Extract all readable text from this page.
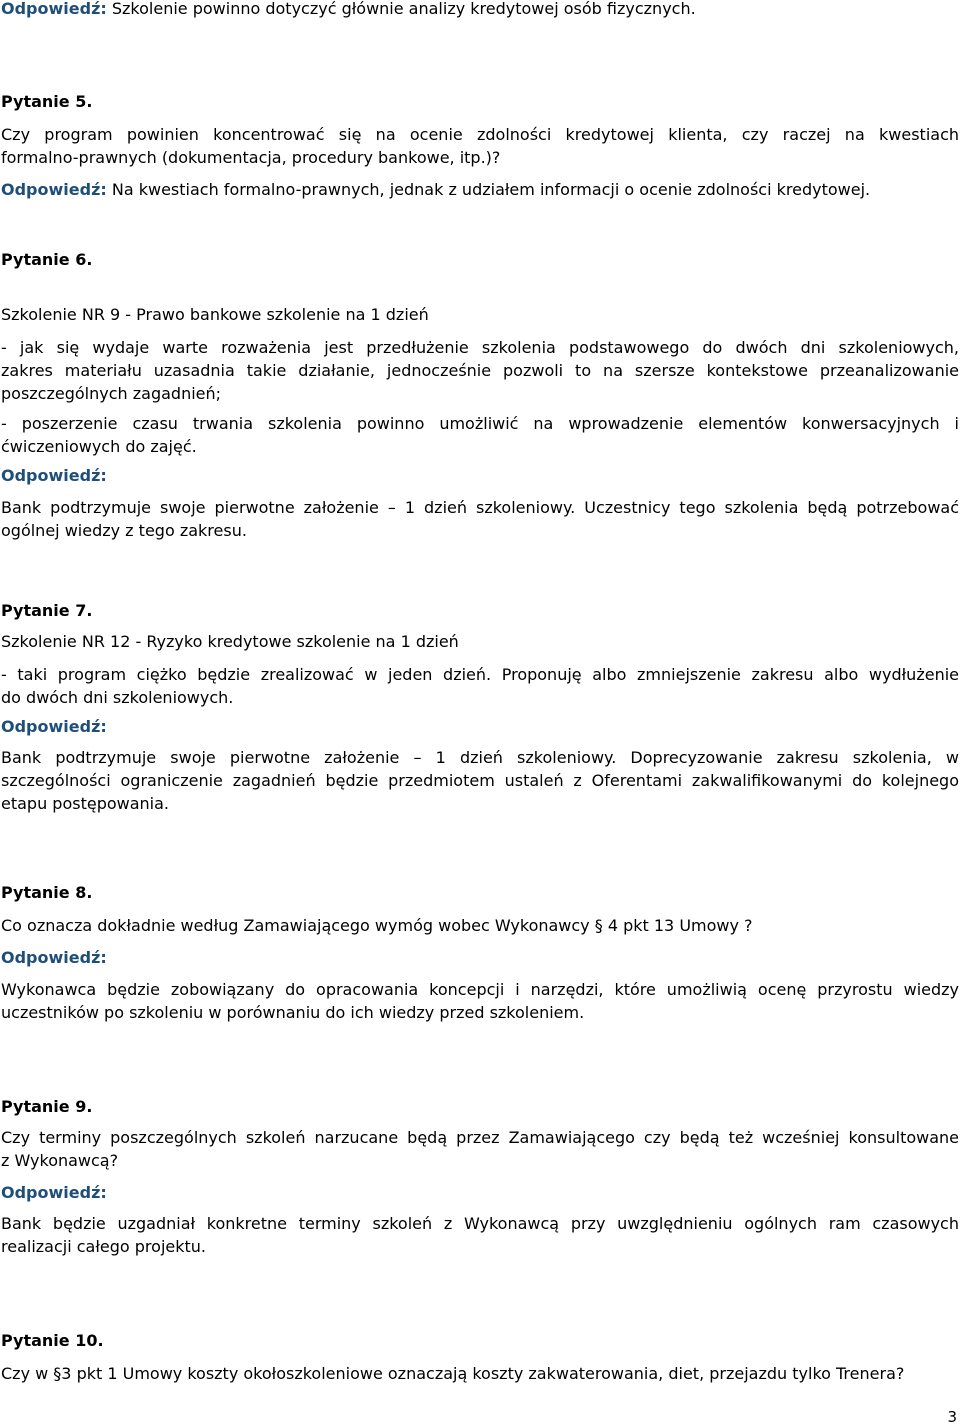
Odpowiedź: Szkolenie powinno dotyczyć głównie analizy kredytowej osób fizycznych.
Pytanie 5.
Czy program powinien koncentrować się na ocenie zdolności kredytowej klienta, czy raczej na kwestiach
formalno-prawnych (dokumentacja, procedury bankowe, itp.)?
Odpowiedź: Na kwestiach formalno-prawnych, jednak z udziałem informacji o ocenie zdolności kredytowej.
Pytanie 6.
Szkolenie NR 9 - Prawo bankowe szkolenie na 1 dzień
- jak się wydaje warte rozważenia jest przedłużenie szkolenia podstawowego do dwóch dni szkoleniowych,
zakres materiału uzasadnia takie działanie, jednocześnie pozwoli to na szersze kontekstowe przeanalizowanie
poszczególnych zagadnień;
- poszerzenie czasu trwania szkolenia powinno umożliwić na wprowadzenie elementów konwersacyjnych i
ćwiczeniowych do zajęć.
Odpowiedź:
Bank podtrzymuje swoje pierwotne założenie – 1 dzień szkoleniowy. Uczestnicy tego szkolenia będą potrzebować
ogólnej wiedzy z tego zakresu.
Pytanie 7.
Szkolenie NR 12 - Ryzyko kredytowe szkolenie na 1 dzień
- taki program ciężko będzie zrealizować w jeden dzień. Proponuję albo zmniejszenie zakresu albo wydłużenie
do dwóch dni szkoleniowych.
Odpowiedź:
Bank podtrzymuje swoje pierwotne założenie – 1 dzień szkoleniowy. Doprecyzowanie zakresu szkolenia, w
szczególności ograniczenie zagadnień będzie przedmiotem ustaleń z Oferentami zakwalifikowanymi do kolejnego
etapu postępowania.
Pytanie 8.
Co oznacza dokładnie według Zamawiającego wymóg wobec Wykonawcy § 4 pkt 13 Umowy ?
Odpowiedź:
Wykonawca będzie zobowiązany do opracowania koncepcji i narzędzi, które umożliwią ocenę przyrostu wiedzy
uczestników po szkoleniu w porównaniu do ich wiedzy przed szkoleniem.
Pytanie 9.
Czy terminy poszczególnych szkoleń narzucane będą przez Zamawiającego czy będą też wcześniej konsultowane
z Wykonawcą?
Odpowiedź:
Bank będzie uzgadniał konkretne terminy szkoleń z Wykonawcą przy uwzględnieniu ogólnych ram czasowych
realizacji całego projektu.
Pytanie 10.
Czy w §3 pkt 1 Umowy koszty okołoszkoleniowe oznaczają koszty zakwaterowania, diet, przejazdu tylko Trenera?
3
